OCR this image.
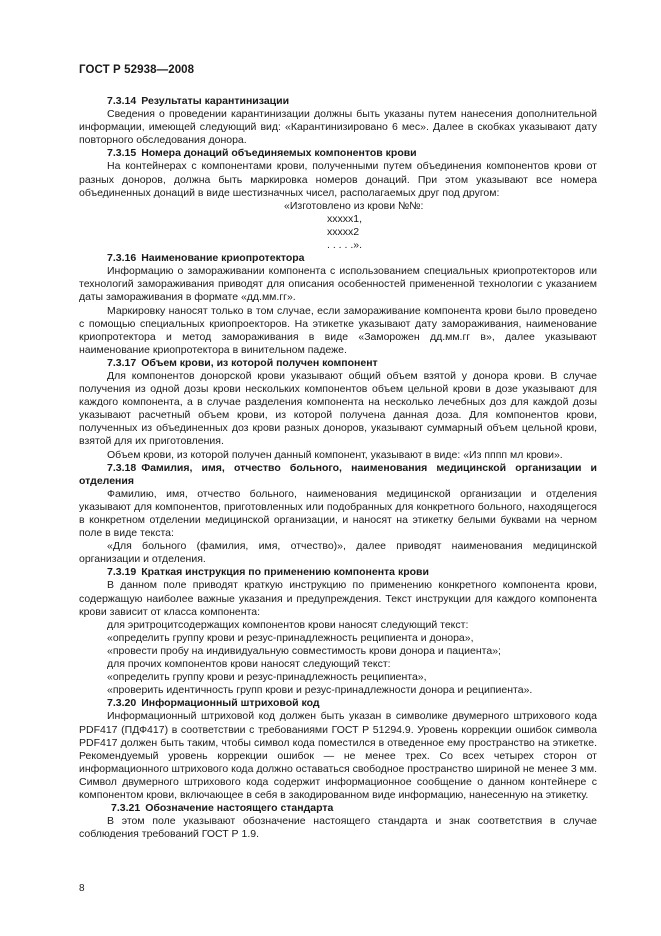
ГОСТ Р 52938—2008

7.3.14 Результаты карантинизации

Сведения о проведении карантинизации должны быть указаны путем нанесения дополнительной информации, имеющей следующий вид: «Карантинизировано 6 мес». Далее в скобках указывают дату повторного обследования донора.

7.3.15 Номера донаций объединяемых компонентов крови

На контейнерах с компонентами крови, полученными путем объединения компонентов крови от разных доноров, должна быть маркировка номеров донаций. При этом указывают все номера объединенных донаций в виде шестизначных чисел, располагаемых друг под другом:

«Изготовлено из крови №№:

ххххх1,

ххххх2

. . . . .».

7.3.16 Наименование криопротектора

Информацию о замораживании компонента с использованием специальных криопротекторов или технологий замораживания приводят для описания особенностей примененной технологии с указанием даты замораживания в формате «дд.мм.гг».

Маркировку наносят только в том случае, если замораживание компонента крови было проведено с помощью специальных криопроекторов. На этикетке указывают дату замораживания, наименование криопротектора и метод замораживания в виде «Заморожен дд.мм.гг в», далее указывают наименование криопротектора в винительном падеже.

7.3.17 Объем крови, из которой получен компонент

Для компонентов донорской крови указывают общий объем взятой у донора крови. В случае получения из одной дозы крови нескольких компонентов объем цельной крови в дозе указывают для каждого компонента, а в случае разделения компонента на несколько лечебных доз для каждой дозы указывают расчетный объем крови, из которой получена данная доза. Для компонентов крови, полученных из объединенных доз крови разных доноров, указывают суммарный объем цельной крови, взятой для их приготовления.

Объем крови, из которой получен данный компонент, указывают в виде: «Из пппп мл крови».

7.3.18 Фамилия, имя, отчество больного, наименования медицинской организации и отделения

Фамилию, имя, отчество больного, наименования медицинской организации и отделения указывают для компонентов, приготовленных или подобранных для конкретного больного, находящегося в конкретном отделении медицинской организации, и наносят на этикетку белыми буквами на черном поле в виде текста:

«Для больного (фамилия, имя, отчество)», далее приводят наименования медицинской организации и отделения.

7.3.19 Краткая инструкция по применению компонента крови

В данном поле приводят краткую инструкцию по применению конкретного компонента крови, содержащую наиболее важные указания и предупреждения. Текст инструкции для каждого компонента крови зависит от класса компонента:

для эритроцитсодержащих компонентов крови наносят следующий текст:

«определить группу крови и резус-принадлежность реципиента и донора»,

«провести пробу на индивидуальную совместимость крови донора и пациента»;

для прочих компонентов крови наносят следующий текст:

«определить группу крови и резус-принадлежность реципиента»,

«проверить идентичность групп крови и резус-принадлежности донора и реципиента».

7.3.20 Информационный штриховой код

Информационный штриховой код должен быть указан в символике двумерного штрихового кода PDF417 (ПДФ417) в соответствии с требованиями ГОСТ Р 51294.9. Уровень коррекции ошибок символа PDF417 должен быть таким, чтобы символ кода поместился в отведенное ему пространство на этикетке. Рекомендуемый уровень коррекции ошибок — не менее трех. Со всех четырех сторон от информационного штрихового кода должно оставаться свободное пространство шириной не менее 3 мм. Символ двумерного штрихового кода содержит информационное сообщение о данном контейнере с компонентом крови, включающее в себя в закодированном виде информацию, нанесенную на этикетку.

7.3.21 Обозначение настоящего стандарта

В этом поле указывают обозначение настоящего стандарта и знак соответствия в случае соблюдения требований ГОСТ Р 1.9.

8
